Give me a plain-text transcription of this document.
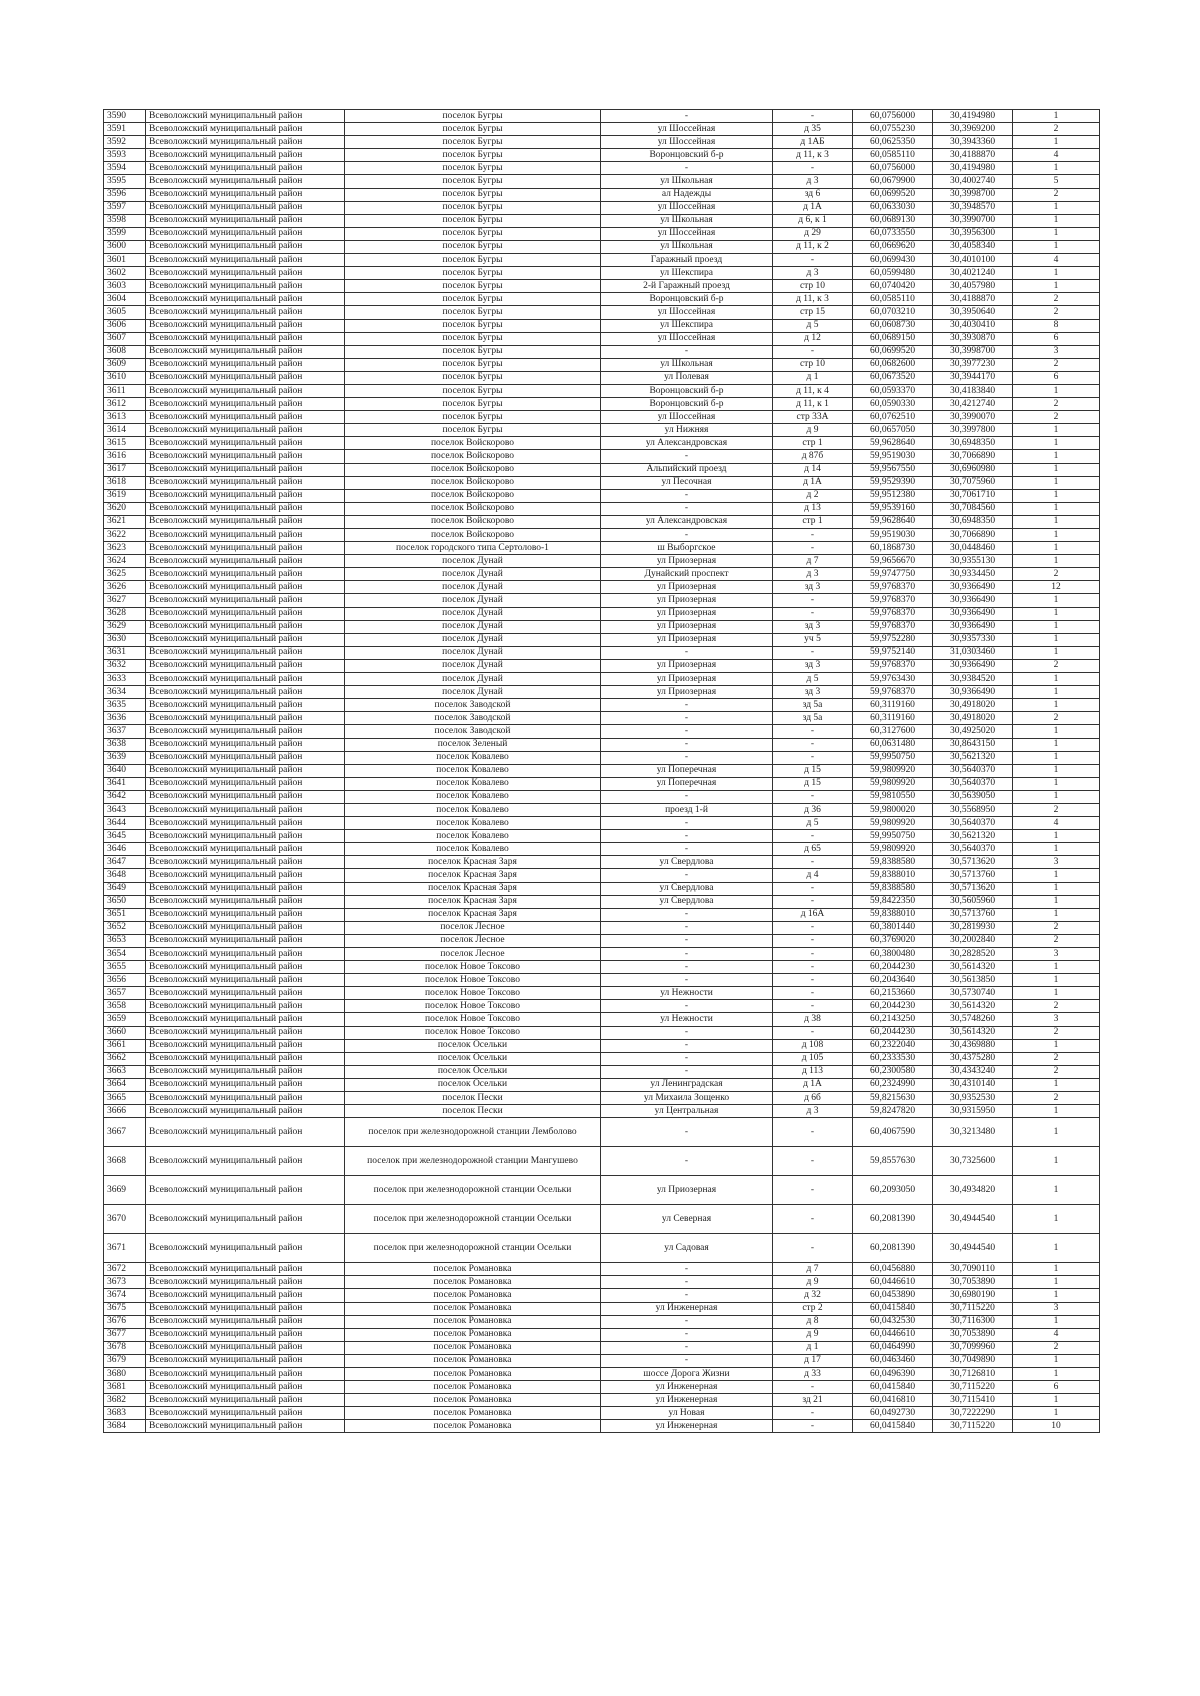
3590	Всеволожский муниципальный район	поселок Бугры	-	-	60,0756000	30,4194980	1
3591	Всеволожский муниципальный район	поселок Бугры	ул Шоссейная	д 35	60,0755230	30,3969200	2
3592	Всеволожский муниципальный район	поселок Бугры	ул Шоссейная	д 1АБ	60,0625350	30,3943360	1
3593	Всеволожский муниципальный район	поселок Бугры	Воронцовский б-р	д 11, к 3	60,0585110	30,4188870	4
3594	Всеволожский муниципальный район	поселок Бугры	-	-	60,0756000	30,4194980	1
3595	Всеволожский муниципальный район	поселок Бугры	ул Школьная	д 3	60,0679900	30,4002740	5
3596	Всеволожский муниципальный район	поселок Бугры	ал Надежды	зд 6	60,0699520	30,3998700	2
3597	Всеволожский муниципальный район	поселок Бугры	ул Шоссейная	д 1А	60,0633030	30,3948570	1
3598	Всеволожский муниципальный район	поселок Бугры	ул Школьная	д 6, к 1	60,0689130	30,3990700	1
3599	Всеволожский муниципальный район	поселок Бугры	ул Шоссейная	д 29	60,0733550	30,3956300	1
3600	Всеволожский муниципальный район	поселок Бугры	ул Школьная	д 11, к 2	60,0669620	30,4058340	1
3601	Всеволожский муниципальный район	поселок Бугры	Гаражный проезд	-	60,0699430	30,4010100	4
3602	Всеволожский муниципальный район	поселок Бугры	ул Шекспира	д 3	60,0599480	30,4021240	1
3603	Всеволожский муниципальный район	поселок Бугры	2-й Гаражный проезд	стр 10	60,0740420	30,4057980	1
3604	Всеволожский муниципальный район	поселок Бугры	Воронцовский б-р	д 11, к 3	60,0585110	30,4188870	2
3605	Всеволожский муниципальный район	поселок Бугры	ул Шоссейная	стр 15	60,0703210	30,3950640	2
3606	Всеволожский муниципальный район	поселок Бугры	ул Шекспира	д 5	60,0608730	30,4030410	8
3607	Всеволожский муниципальный район	поселок Бугры	ул Шоссейная	д 12	60,0689150	30,3930870	6
3608	Всеволожский муниципальный район	поселок Бугры	-	-	60,0699520	30,3998700	3
3609	Всеволожский муниципальный район	поселок Бугры	ул Школьная	стр 10	60,0682600	30,3977230	2
3610	Всеволожский муниципальный район	поселок Бугры	ул Полевая	д 1	60,0673520	30,3944170	6
3611	Всеволожский муниципальный район	поселок Бугры	Воронцовский б-р	д 11, к 4	60,0593370	30,4183840	1
3612	Всеволожский муниципальный район	поселок Бугры	Воронцовский б-р	д 11, к 1	60,0590330	30,4212740	2
3613	Всеволожский муниципальный район	поселок Бугры	ул Шоссейная	стр 33А	60,0762510	30,3990070	2
3614	Всеволожский муниципальный район	поселок Бугры	ул Нижняя	д 9	60,0657050	30,3997800	1
3615	Всеволожский муниципальный район	поселок Войскорово	ул Александровская	стр 1	59,9628640	30,6948350	1
3616	Всеволожский муниципальный район	поселок Войскорово	-	д 87б	59,9519030	30,7066890	1
3617	Всеволожский муниципальный район	поселок Войскорово	Альпийский проезд	д 14	59,9567550	30,6960980	1
3618	Всеволожский муниципальный район	поселок Войскорово	ул Песочная	д 1А	59,9529390	30,7075960	1
3619	Всеволожский муниципальный район	поселок Войскорово	-	д 2	59,9512380	30,7061710	1
3620	Всеволожский муниципальный район	поселок Войскорово	-	д 13	59,9539160	30,7084560	1
3621	Всеволожский муниципальный район	поселок Войскорово	ул Александровская	стр 1	59,9628640	30,6948350	1
3622	Всеволожский муниципальный район	поселок Войскорово	-	-	59,9519030	30,7066890	1
3623	Всеволожский муниципальный район	поселок городского типа Сертолово-1	ш Выборгское	-	60,1868730	30,0448460	1
3624	Всеволожский муниципальный район	поселок Дунай	ул Приозерная	д 7	59,9656670	30,9355130	1
3625	Всеволожский муниципальный район	поселок Дунай	Дунайский проспект	д 3	59,9747750	30,9334450	2
3626	Всеволожский муниципальный район	поселок Дунай	ул Приозерная	зд 3	59,9768370	30,9366490	12
3627	Всеволожский муниципальный район	поселок Дунай	ул Приозерная	-	59,9768370	30,9366490	1
3628	Всеволожский муниципальный район	поселок Дунай	ул Приозерная	-	59,9768370	30,9366490	1
3629	Всеволожский муниципальный район	поселок Дунай	ул Приозерная	зд 3	59,9768370	30,9366490	1
3630	Всеволожский муниципальный район	поселок Дунай	ул Приозерная	уч 5	59,9752280	30,9357330	1
3631	Всеволожский муниципальный район	поселок Дунай	-	-	59,9752140	31,0303460	1
3632	Всеволожский муниципальный район	поселок Дунай	ул Приозерная	зд 3	59,9768370	30,9366490	2
3633	Всеволожский муниципальный район	поселок Дунай	ул Приозерная	д 5	59,9763430	30,9384520	1
3634	Всеволожский муниципальный район	поселок Дунай	ул Приозерная	зд 3	59,9768370	30,9366490	1
3635	Всеволожский муниципальный район	поселок Заводской	-	зд 5а	60,3119160	30,4918020	1
3636	Всеволожский муниципальный район	поселок Заводской	-	зд 5а	60,3119160	30,4918020	2
3637	Всеволожский муниципальный район	поселок Заводской	-	-	60,3127600	30,4925020	1
3638	Всеволожский муниципальный район	поселок Зеленый	-	-	60,0631480	30,8643150	1
3639	Всеволожский муниципальный район	поселок Ковалево	-	-	59,9950750	30,5621320	1
3640	Всеволожский муниципальный район	поселок Ковалево	ул Поперечная	д 15	59,9809920	30,5640370	1
3641	Всеволожский муниципальный район	поселок Ковалево	ул Поперечная	д 15	59,9809920	30,5640370	1
3642	Всеволожский муниципальный район	поселок Ковалево	-	-	59,9810550	30,5639050	1
3643	Всеволожский муниципальный район	поселок Ковалево	проезд 1-й	д 36	59,9800020	30,5568950	2
3644	Всеволожский муниципальный район	поселок Ковалево	-	д 5	59,9809920	30,5640370	4
3645	Всеволожский муниципальный район	поселок Ковалево	-	-	59,9950750	30,5621320	1
3646	Всеволожский муниципальный район	поселок Ковалево	-	д 65	59,9809920	30,5640370	1
3647	Всеволожский муниципальный район	поселок Красная Заря	ул Свердлова	-	59,8388580	30,5713620	3
3648	Всеволожский муниципальный район	поселок Красная Заря	-	д 4	59,8388010	30,5713760	1
3649	Всеволожский муниципальный район	поселок Красная Заря	ул Свердлова	-	59,8388580	30,5713620	1
3650	Всеволожский муниципальный район	поселок Красная Заря	ул Свердлова	-	59,8422350	30,5605960	1
3651	Всеволожский муниципальный район	поселок Красная Заря	-	д 16А	59,8388010	30,5713760	1
3652	Всеволожский муниципальный район	поселок Лесное	-	-	60,3801440	30,2819930	2
3653	Всеволожский муниципальный район	поселок Лесное	-	-	60,3769020	30,2002840	2
3654	Всеволожский муниципальный район	поселок Лесное	-	-	60,3800480	30,2828520	3
3655	Всеволожский муниципальный район	поселок Новое Токсово	-	-	60,2044230	30,5614320	1
3656	Всеволожский муниципальный район	поселок Новое Токсово	-	-	60,2043640	30,5613850	1
3657	Всеволожский муниципальный район	поселок Новое Токсово	ул Нежности	-	60,2153660	30,5730740	1
3658	Всеволожский муниципальный район	поселок Новое Токсово	-	-	60,2044230	30,5614320	2
3659	Всеволожский муниципальный район	поселок Новое Токсово	ул Нежности	д 38	60,2143250	30,5748260	3
3660	Всеволожский муниципальный район	поселок Новое Токсово	-	-	60,2044230	30,5614320	2
3661	Всеволожский муниципальный район	поселок Осельки	-	д 108	60,2322040	30,4369880	1
3662	Всеволожский муниципальный район	поселок Осельки	-	д 105	60,2333530	30,4375280	2
3663	Всеволожский муниципальный район	поселок Осельки	-	д 113	60,2300580	30,4343240	2
3664	Всеволожский муниципальный район	поселок Осельки	ул Ленинградская	д 1А	60,2324990	30,4310140	1
3665	Всеволожский муниципальный район	поселок Пески	ул Михаила Зощенко	д 6б	59,8215630	30,9352530	2
3666	Всеволожский муниципальный район	поселок Пески	ул Центральная	д 3	59,8247820	30,9315950	1
3667	Всеволожский муниципальный район	поселок при железнодорожной станции Лемболово	-	-	60,4067590	30,3213480	1
3668	Всеволожский муниципальный район	поселок при железнодорожной станции Мангушево	-	-	59,8557630	30,7325600	1
3669	Всеволожский муниципальный район	поселок при железнодорожной станции Осельки	ул Приозерная	-	60,2093050	30,4934820	1
3670	Всеволожский муниципальный район	поселок при железнодорожной станции Осельки	ул Северная	-	60,2081390	30,4944540	1
3671	Всеволожский муниципальный район	поселок при железнодорожной станции Осельки	ул Садовая	-	60,2081390	30,4944540	1
3672	Всеволожский муниципальный район	поселок Романовка	-	д 7	60,0456880	30,7090110	1
3673	Всеволожский муниципальный район	поселок Романовка	-	д 9	60,0446610	30,7053890	1
3674	Всеволожский муниципальный район	поселок Романовка	-	д 32	60,0453890	30,6980190	1
3675	Всеволожский муниципальный район	поселок Романовка	ул Инженерная	стр 2	60,0415840	30,7115220	3
3676	Всеволожский муниципальный район	поселок Романовка	-	д 8	60,0432530	30,7116300	1
3677	Всеволожский муниципальный район	поселок Романовка	-	д 9	60,0446610	30,7053890	4
3678	Всеволожский муниципальный район	поселок Романовка	-	д 1	60,0464990	30,7099960	2
3679	Всеволожский муниципальный район	поселок Романовка	-	д 17	60,0463460	30,7049890	1
3680	Всеволожский муниципальный район	поселок Романовка	шоссе Дорога Жизни	д 33	60,0496390	30,7126810	1
3681	Всеволожский муниципальный район	поселок Романовка	ул Инженерная	-	60,0415840	30,7115220	6
3682	Всеволожский муниципальный район	поселок Романовка	ул Инженерная	зд 21	60,0416810	30,7115410	1
3683	Всеволожский муниципальный район	поселок Романовка	ул Новая	-	60,0492730	30,7222290	1
3684	Всеволожский муниципальный район	поселок Романовка	ул Инженерная	-	60,0415840	30,7115220	10
